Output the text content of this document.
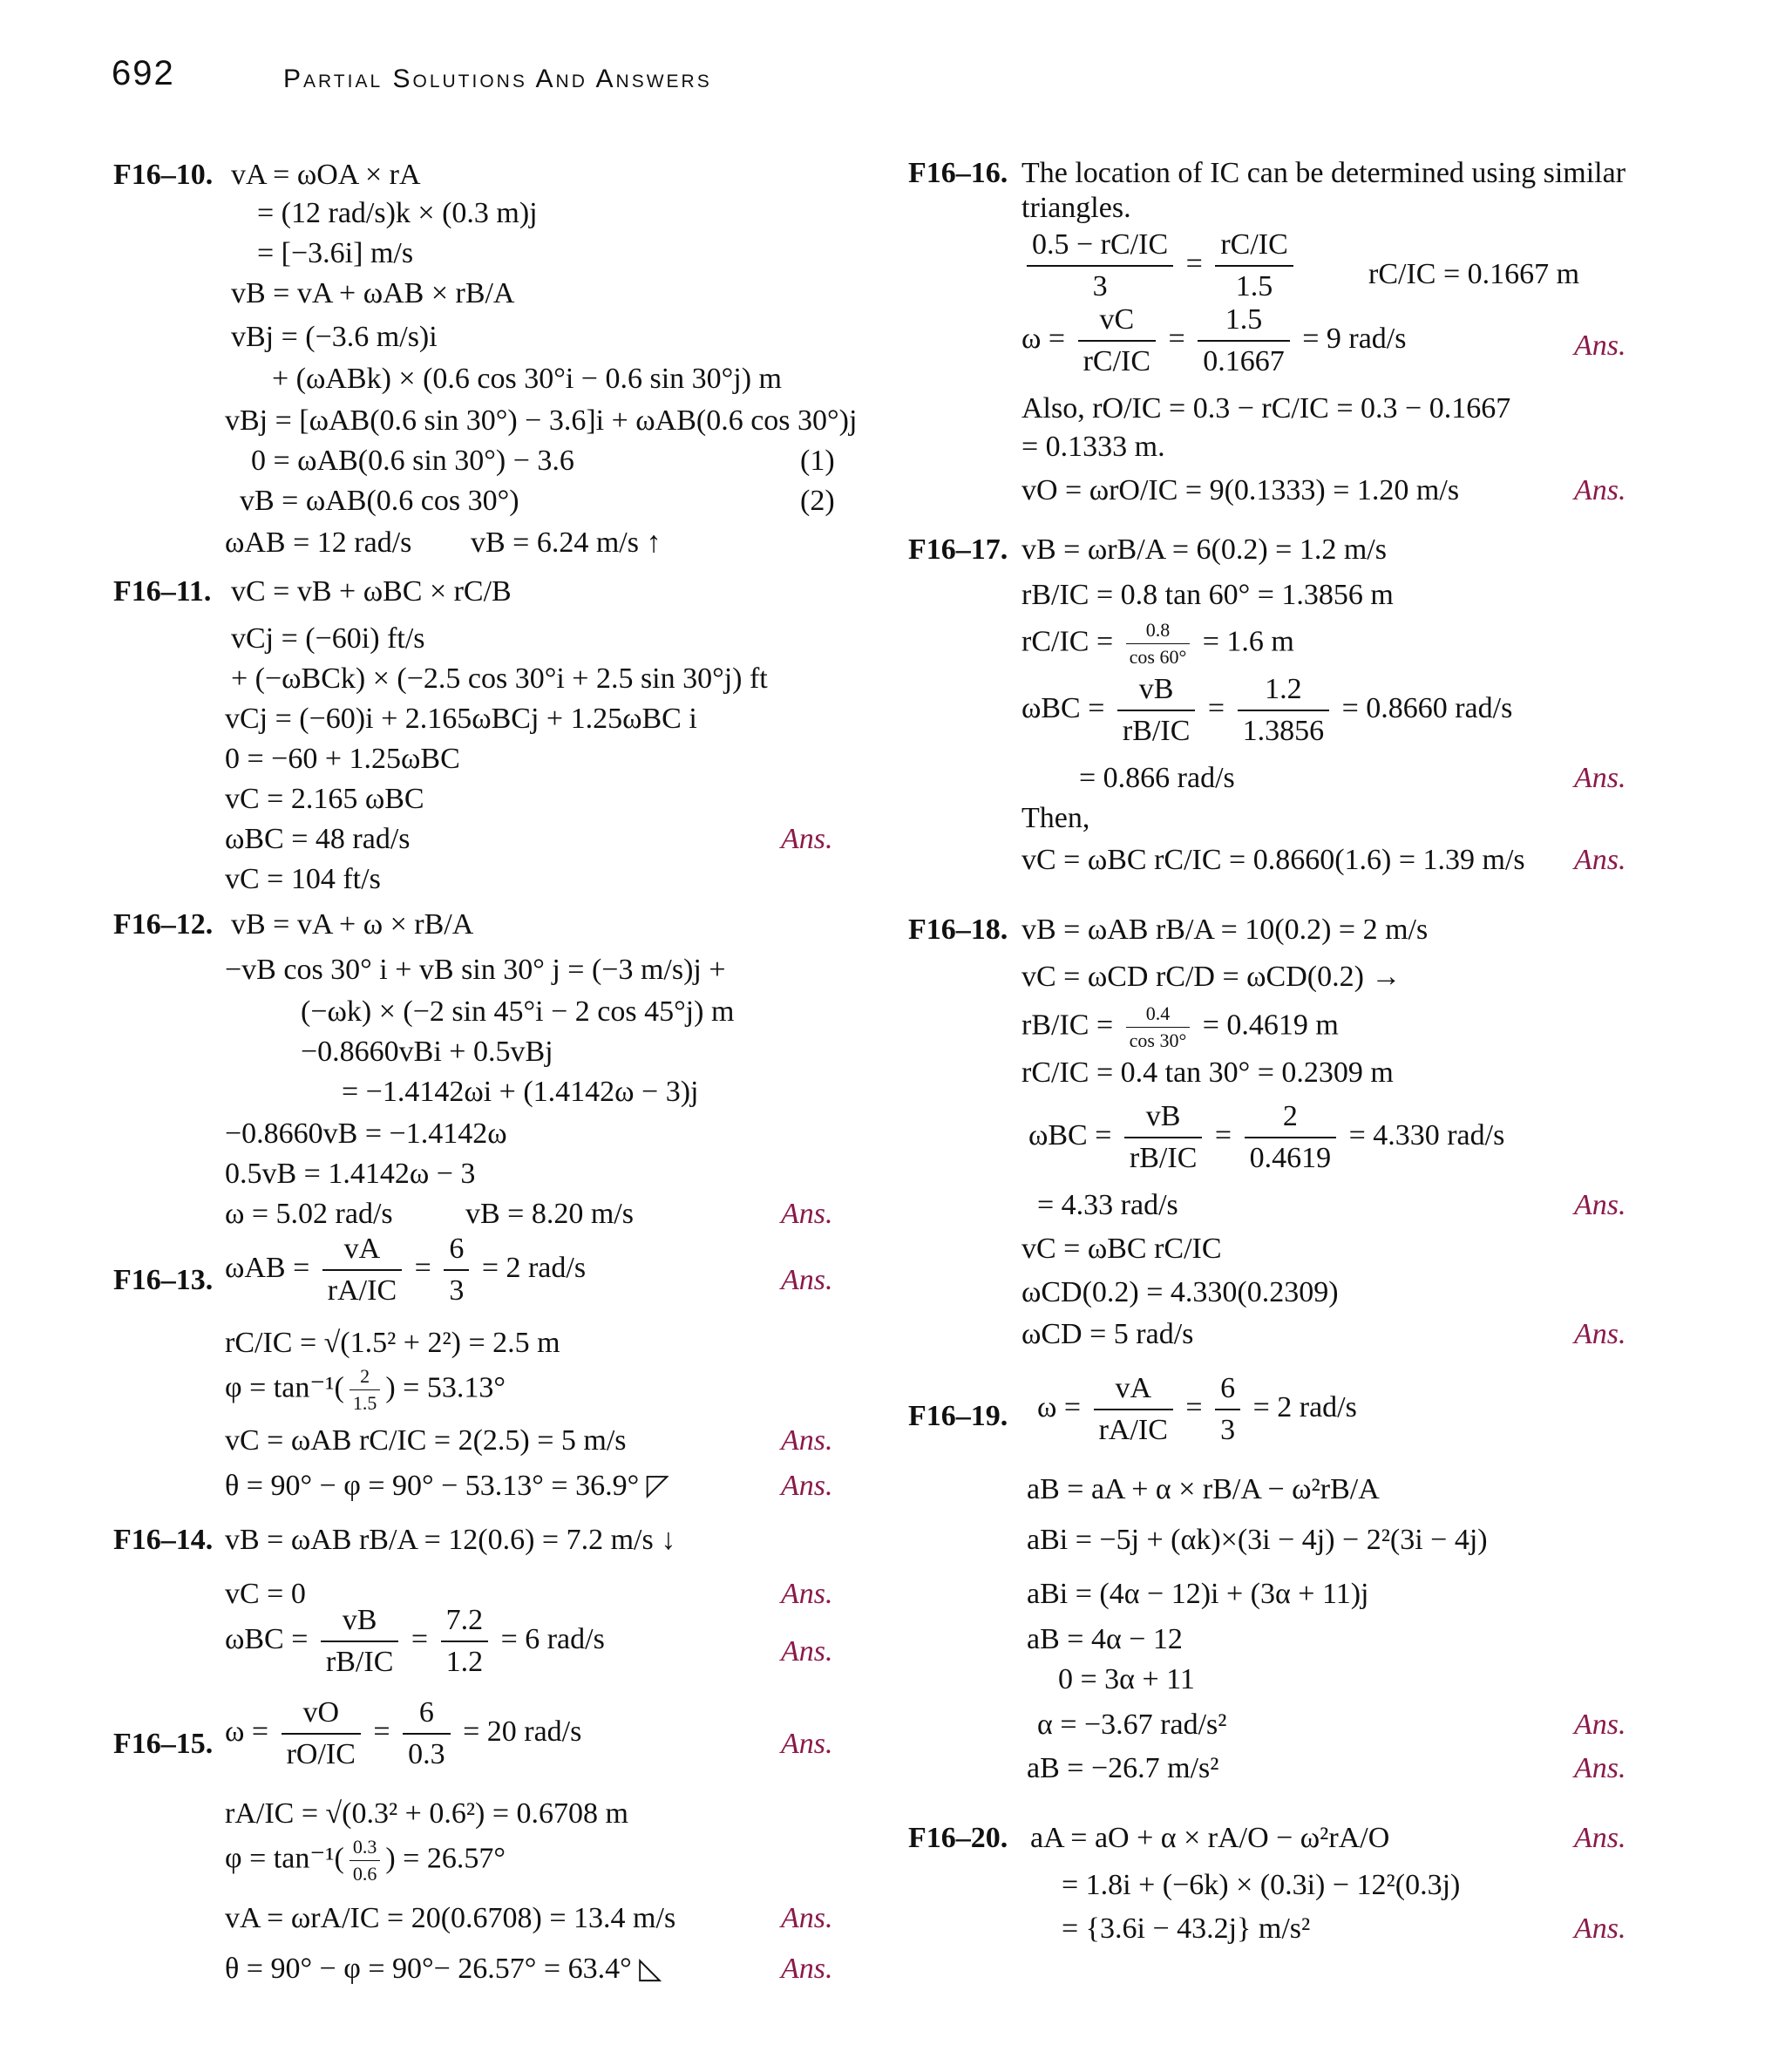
692	Partial Solutions And Answers
F16–10. vA = ωOA × rA
= (12 rad/s)k × (0.3 m)j
= [−3.6i] m/s
vB = vA + ωAB × rB/A
vBj = (−3.6 m/s)i
+ (ωABk) × (0.6 cos 30°i − 0.6 sin 30°j) m
vBj = [ωAB(0.6 sin 30°) − 3.6]i + ωAB(0.6 cos 30°)j
0 = ωAB(0.6 sin 30°) − 3.6	(1)
vB = ωAB(0.6 cos 30°)	(2)
ωAB = 12 rad/s vB = 6.24 m/s ↑
F16–11. vC = vB + ωBC × rC/B
vCj = (−60i) ft/s
+ (−ωBCk) × (−2.5 cos 30°i + 2.5 sin 30°j) ft
vCj = (−60)i + 2.165ωBCj + 1.25ωBC i
0 = −60 + 1.25ωBC
vC = 2.165 ωBC
ωBC = 48 rad/s	Ans.
vC = 104 ft/s
F16–12. vB = vA + ω × rB/A
−vB cos 30° i + vB sin 30° j = (−3 m/s)j +
(−ωk) × (−2 sin 45°i − 2 cos 45°j) m
−0.8660vBi + 0.5vBj
= −1.4142ωi + (1.4142ω − 3)j
−0.8660vB = −1.4142ω
0.5vB = 1.4142ω − 3
ω = 5.02 rad/s vB = 8.20 m/s	Ans.
F16–13. $\omega AB = \frac{vA}{rA/IC} = \frac{6}{3} = 2$ rad/s	Ans.
rC/IC = √(1.5² + 2²) = 2.5 m
$\varphi = \tan^{-1}( \frac{2}{1.5}$ ) = 53.13°
vC = ωAB rC/IC = 2(2.5) = 5 m/s	Ans.
θ = 90° − φ = 90° − 53.13° = 36.9° ◸	Ans.
F16–14. vB = ωAB rB/A = 12(0.6) = 7.2 m/s ↓
vC = 0	Ans.
$\omega BC = \frac{vB}{rB/IC} = \frac{7.2}{1.2} = 6$ rad/s	Ans.
F16–15. $\omega = \frac{vO}{rO/IC} = \frac{6}{0.3} = 20$ rad/s	Ans.
rA/IC = √(0.3² + 0.6²) = 0.6708 m
$\varphi = \tan^{-1}( \frac{0.3}{0.6}$ ) = 26.57°
vA = ωrA/IC = 20(0.6708) = 13.4 m/s	Ans.
θ = 90° − φ = 90°− 26.57° = 63.4° ◺	Ans.
F16–16. The location of IC can be determined using similar
triangles.
$\frac{0.5 - rC/IC}{3} = \frac{rC/IC}{1.5}$	rC/IC = 0.1667 m
$\omega = \frac{vC}{rC/IC} = \frac{1.5}{0.1667} = 9$ rad/s	Ans.
Also, rO/IC = 0.3 − rC/IC = 0.3 − 0.1667
= 0.1333 m.
vO = ωrO/IC = 9(0.1333) = 1.20 m/s	Ans.
F16–17. vB = ωrB/A = 6(0.2) = 1.2 m/s
rB/IC = 0.8 tan 60° = 1.3856 m
$rC/IC = \frac{0.8}{\cos 60^\circ} = 1.6$ m
$\omega BC = \frac{vB}{rB/IC} = \frac{1.2}{1.3856} = 0.8660$ rad/s
= 0.866 rad/s	Ans.
Then,
vC = ωBC rC/IC = 0.8660(1.6) = 1.39 m/s Ans.
F16–18. vB = ωAB rB/A = 10(0.2) = 2 m/s
vC = ωCD rC/D = ωCD(0.2) →
$rB/IC = \frac{0.4}{\cos 30^\circ} = 0.4619$ m
rC/IC = 0.4 tan 30° = 0.2309 m
$\omega BC = \frac{vB}{rB/IC} = \frac{2}{0.4619} = 4.330$ rad/s
= 4.33 rad/s	Ans.
vC = ωBC rC/IC
ωCD(0.2) = 4.330(0.2309)
ωCD = 5 rad/s	Ans.
F16–19. $\omega = \frac{vA}{rA/IC} = \frac{6}{3} = 2$ rad/s
aB = aA + α × rB/A − ω²rB/A
aBi = −5j + (αk)×(3i − 4j) − 2²(3i − 4j)
aBi = (4α − 12)i + (3α + 11)j
aB = 4α − 12
0 = 3α + 11
α = −3.67 rad/s²	Ans.
aB = −26.7 m/s²	Ans.
F16–20. aA = aO + α × rA/O − ω²rA/O	Ans.
= 1.8i + (−6k) × (0.3i) − 12²(0.3j)
= {3.6i − 43.2j} m/s²	Ans.
